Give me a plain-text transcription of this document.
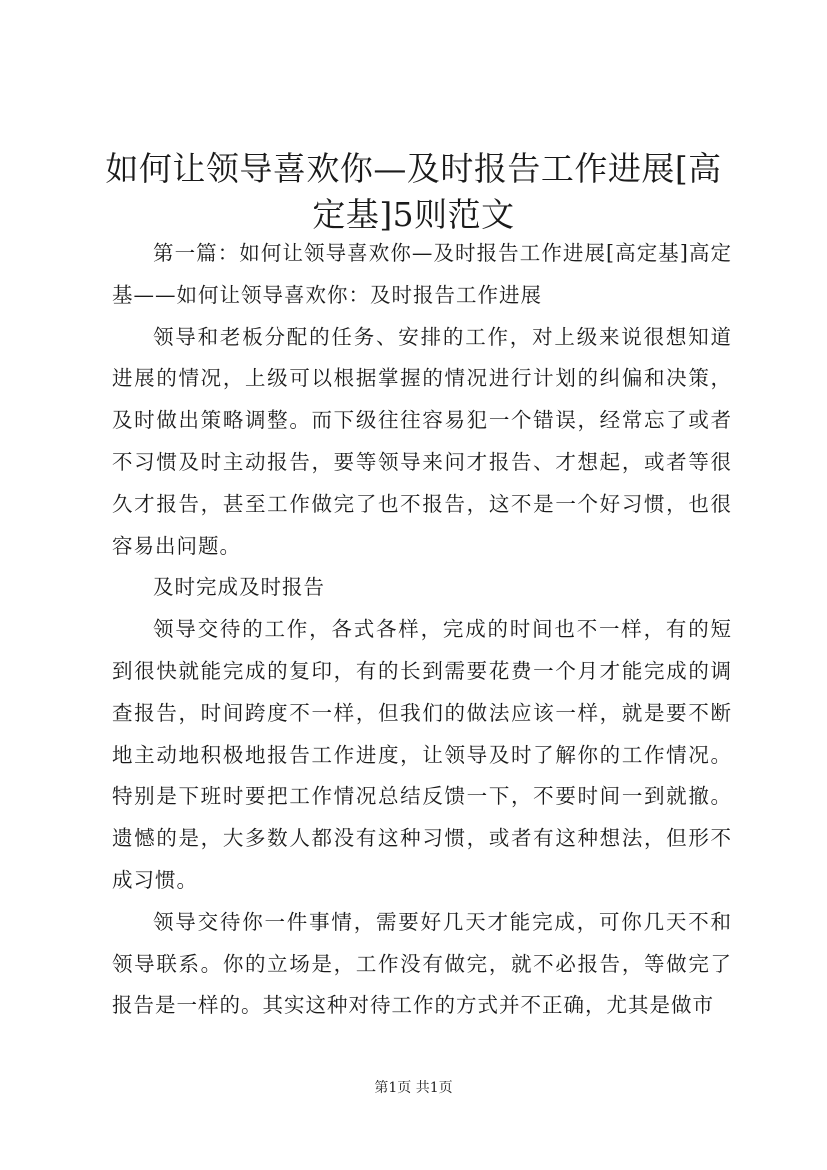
如何让领导喜欢你—及时报告工作进展[高定基]5则范文

第一篇：如何让领导喜欢你—及时报告工作进展[高定基]高定基——如何让领导喜欢你：及时报告工作进展

领导和老板分配的任务、安排的工作，对上级来说很想知道进展的情况，上级可以根据掌握的情况进行计划的纠偏和决策，及时做出策略调整。而下级往往容易犯一个错误，经常忘了或者不习惯及时主动报告，要等领导来问才报告、才想起，或者等很久才报告，甚至工作做完了也不报告，这不是一个好习惯，也很容易出问题。

及时完成及时报告

领导交待的工作，各式各样，完成的时间也不一样，有的短到很快就能完成的复印，有的长到需要花费一个月才能完成的调查报告，时间跨度不一样，但我们的做法应该一样，就是要不断地主动地积极地报告工作进度，让领导及时了解你的工作情况。特别是下班时要把工作情况总结反馈一下，不要时间一到就撤。遗憾的是，大多数人都没有这种习惯，或者有这种想法，但形不成习惯。

领导交待你一件事情，需要好几天才能完成，可你几天不和领导联系。你的立场是，工作没有做完，就不必报告，等做完了报告是一样的。其实这种对待工作的方式并不正确，尤其是做市

第1页 共1页
